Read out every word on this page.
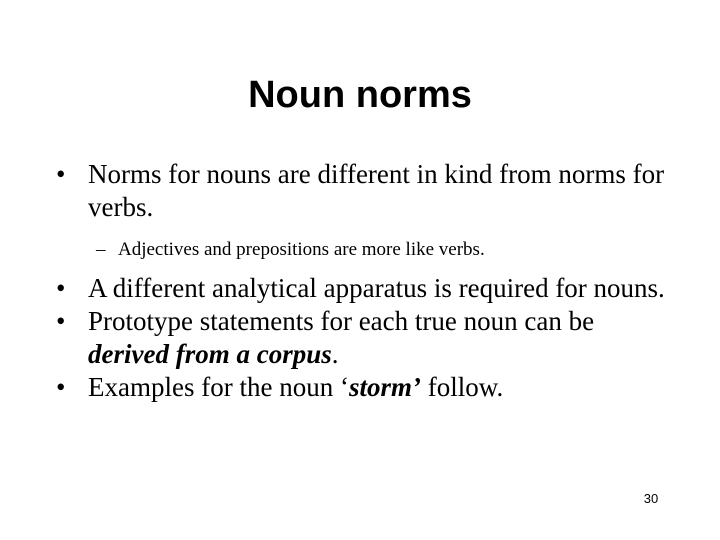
Noun norms

• Norms for nouns are different in kind from norms for verbs.

– Adjectives and prepositions are more like verbs.

• A different analytical apparatus is required for nouns.

• Prototype statements for each true noun can be derived from a corpus.

• Examples for the noun ‘storm’ follow.

30
